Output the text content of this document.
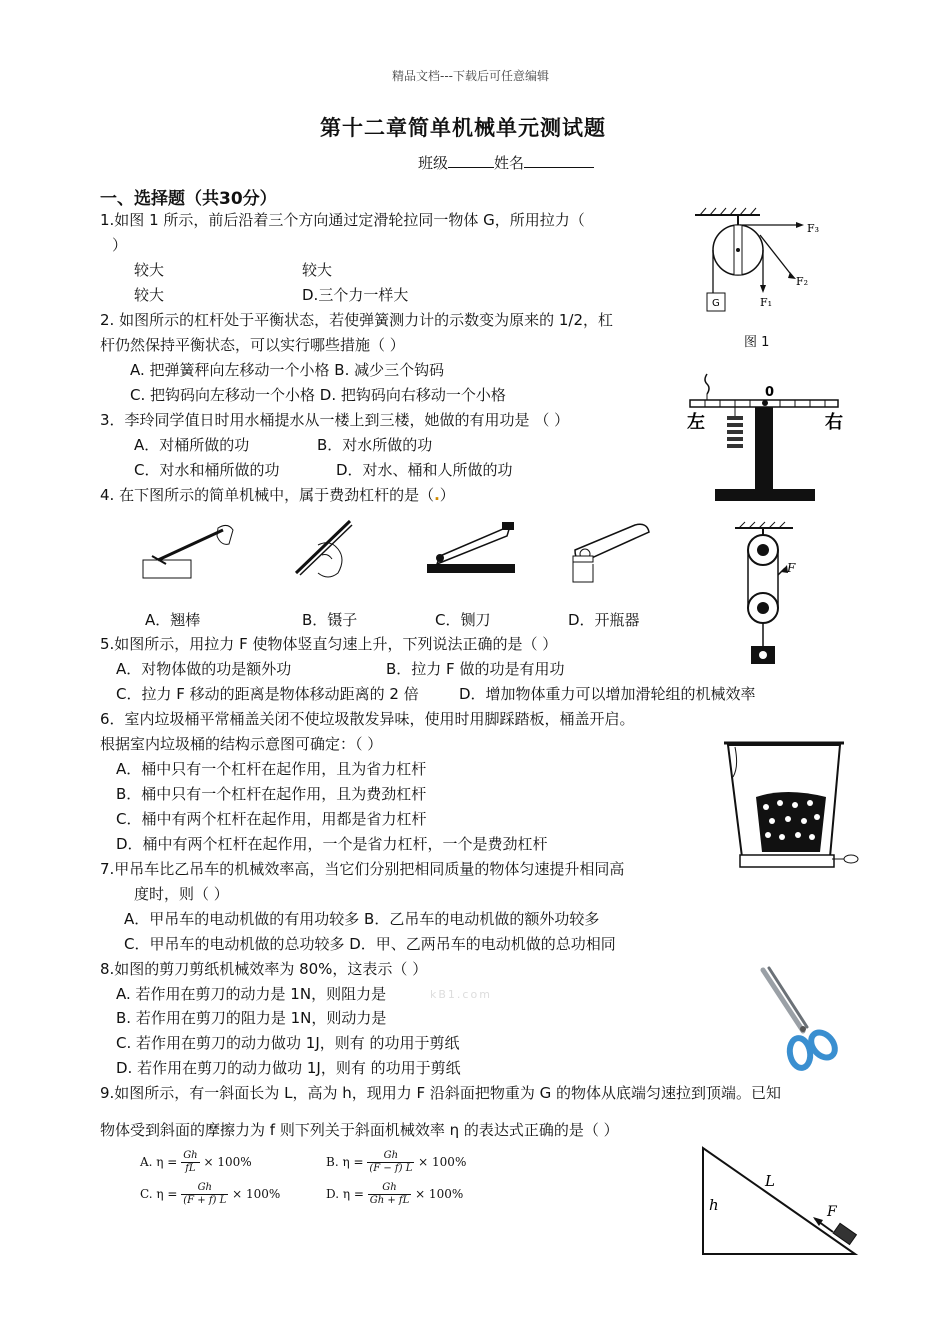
精品文档---下载后可任意编辑
第十二章简单机械单元测试题
班级	姓名
一、选择题（共30分）
1.如图 1 所示，前后沿着三个方向通过定滑轮拉同一物体 G，所用拉力（
）
较大	较大
较大	D.三个力一样大	G	F₁
F₂
F₃
图 1
2. 如图所示的杠杆处于平衡状态，若使弹簧测力计的示数变为原来的 1/2，杠
杆仍然保持平衡状态，可以实行哪些措施（ ）
A. 把弹簧秤向左移动一个小格 B. 减少三个钩码
C. 把钩码向左移动一个小格 D. 把钩码向右移动一个小格
左	右
0
3．李玲同学值日时用水桶提水从一楼上到三楼，她做的有用功是 （ ）
A．对桶所做的功	B．对水所做的功
C．对水和桶所做的功	D．对水、桶和人所做的功
4. 在下图所示的简单机械中，属于费劲杠杆的是（.）
A．翘棒	B．镊子	C．铡刀	D．开瓶器
F
5.如图所示，用拉力 F 使物体竖直匀速上升，下列说法正确的是（ ）
A．对物体做的功是额外功	B．拉力 F 做的功是有用功
C．拉力 F 移动的距离是物体移动距离的 2 倍	D．增加物体重力可以增加滑轮组的机械效率
6．室内垃圾桶平常桶盖关闭不使垃圾散发异味，使用时用脚踩踏板，桶盖开启。
根据室内垃圾桶的结构示意图可确定：（ ）
A．桶中只有一个杠杆在起作用，且为省力杠杆
B．桶中只有一个杠杆在起作用，且为费劲杠杆
C．桶中有两个杠杆在起作用，用都是省力杠杆
D．桶中有两个杠杆在起作用，一个是省力杠杆，一个是费劲杠杆
7.甲吊车比乙吊车的机械效率高，当它们分别把相同质量的物体匀速提升相同高
度时，则（ ）
A．甲吊车的电动机做的有用功较多 B．乙吊车的电动机做的额外功较多
C．甲吊车的电动机做的总功较多 D．甲、乙两吊车的电动机做的总功相同
8.如图的剪刀剪纸机械效率为 80%，这表示（ ）
A. 若作用在剪刀的动力是 1N，则阻力是	kB1.com
B. 若作用在剪刀的阻力是 1N，则动力是
C. 若作用在剪刀的动力做功 1J，则有 的功用于剪纸
D. 若作用在剪刀的动力做功 1J，则有 的功用于剪纸
9.如图所示，有一斜面长为 L，高为 h，现用力 F 沿斜面把物重为 G 的物体从底端匀速拉到顶端。已知
物体受到斜面的摩擦力为 f 则下列关于斜面机械效率 η 的表达式正确的是（ ）
A. $\eta = \frac{Gh}{fL} \times 100\%$	B. $\eta = \frac{Gh}{(F - f) L} \times 100\%$
C. $\eta = \frac{Gh}{(F + f) L} \times 100\%$	D. $\eta = \frac{Gh}{Gh + fL} \times 100\%$
h
L
F
